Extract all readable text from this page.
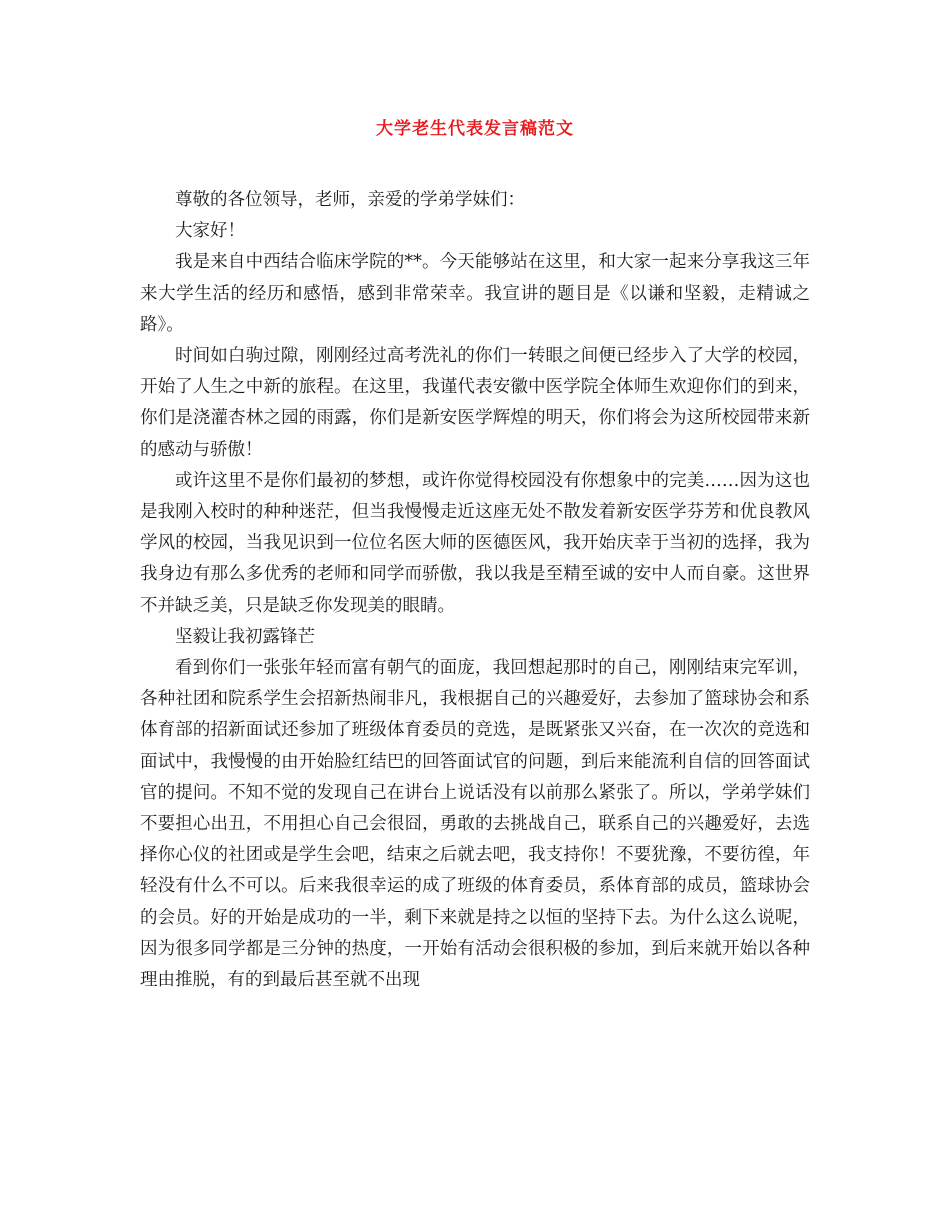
大学老生代表发言稿范文

尊敬的各位领导，老师，亲爱的学弟学妹们：

大家好！

我是来自中西结合临床学院的**。今天能够站在这里，和大家一起来分享我这三年来大学生活的经历和感悟，感到非常荣幸。我宣讲的题目是《以谦和坚毅，走精诚之路》。

时间如白驹过隙，刚刚经过高考洗礼的你们一转眼之间便已经步入了大学的校园，开始了人生之中新的旅程。在这里，我谨代表安徽中医学院全体师生欢迎你们的到来，你们是浇灌杏林之园的雨露，你们是新安医学辉煌的明天，你们将会为这所校园带来新的感动与骄傲！

或许这里不是你们最初的梦想，或许你觉得校园没有你想象中的完美……因为这也是我刚入校时的种种迷茫，但当我慢慢走近这座无处不散发着新安医学芬芳和优良教风学风的校园，当我见识到一位位名医大师的医德医风，我开始庆幸于当初的选择，我为我身边有那么多优秀的老师和同学而骄傲，我以我是至精至诚的安中人而自豪。这世界不并缺乏美，只是缺乏你发现美的眼睛。

坚毅让我初露锋芒

看到你们一张张年轻而富有朝气的面庞，我回想起那时的自己，刚刚结束完军训，各种社团和院系学生会招新热闹非凡，我根据自己的兴趣爱好，去参加了篮球协会和系体育部的招新面试还参加了班级体育委员的竞选，是既紧张又兴奋，在一次次的竞选和面试中，我慢慢的由开始脸红结巴的回答面试官的问题，到后来能流利自信的回答面试官的提问。不知不觉的发现自己在讲台上说话没有以前那么紧张了。所以，学弟学妹们不要担心出丑，不用担心自己会很囧，勇敢的去挑战自己，联系自己的兴趣爱好，去选择你心仪的社团或是学生会吧，结束之后就去吧，我支持你！不要犹豫，不要彷徨，年轻没有什么不可以。后来我很幸运的成了班级的体育委员，系体育部的成员，篮球协会的会员。好的开始是成功的一半，剩下来就是持之以恒的坚持下去。为什么这么说呢，因为很多同学都是三分钟的热度，一开始有活动会很积极的参加，到后来就开始以各种理由推脱，有的到最后甚至就不出现
